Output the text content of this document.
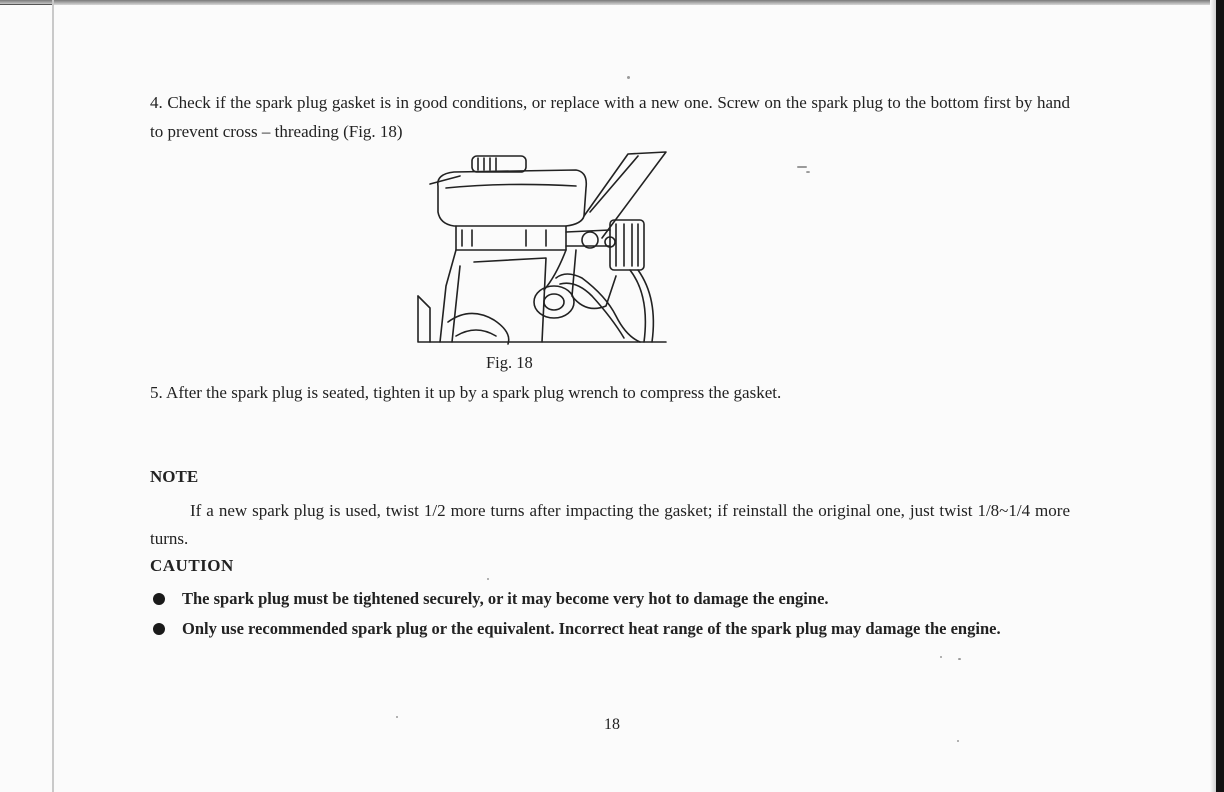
4. Check if the spark plug gasket is in good conditions, or replace with a new one. Screw on the spark plug to the bottom first by hand to prevent cross – threading (Fig. 18)

Fig. 18
5. After the spark plug is seated, tighten it up by a spark plug wrench to compress the gasket.
NOTE

If a new spark plug is used, twist 1/2 more turns after impacting the gasket; if reinstall the original one, just twist 1/8~1/4 more turns.

CAUTION
The spark plug must be tightened securely, or it may become very hot to damage the engine.
Only use recommended spark plug or the equivalent. Incorrect heat range of the spark plug may damage the engine.
18
